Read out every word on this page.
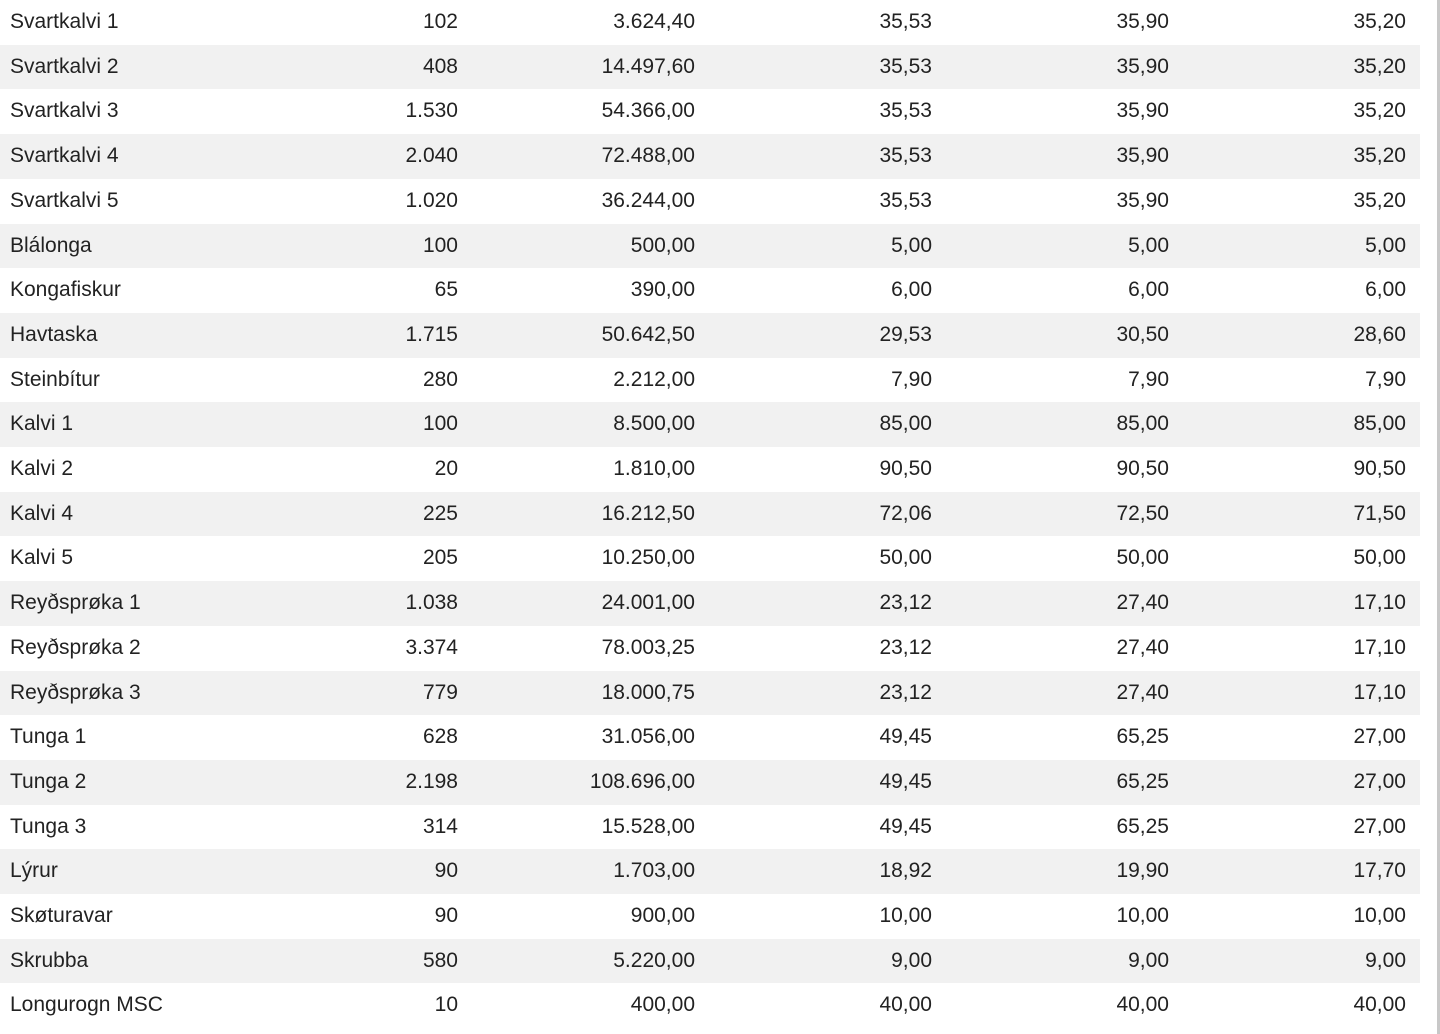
Svartkalvi 1	102	3.624,40	35,53	35,90	35,20
Svartkalvi 2	408	14.497,60	35,53	35,90	35,20
Svartkalvi 3	1.530	54.366,00	35,53	35,90	35,20
Svartkalvi 4	2.040	72.488,00	35,53	35,90	35,20
Svartkalvi 5	1.020	36.244,00	35,53	35,90	35,20
Blálonga	100	500,00	5,00	5,00	5,00
Kongafiskur	65	390,00	6,00	6,00	6,00
Havtaska	1.715	50.642,50	29,53	30,50	28,60
Steinbítur	280	2.212,00	7,90	7,90	7,90
Kalvi 1	100	8.500,00	85,00	85,00	85,00
Kalvi 2	20	1.810,00	90,50	90,50	90,50
Kalvi 4	225	16.212,50	72,06	72,50	71,50
Kalvi 5	205	10.250,00	50,00	50,00	50,00
Reyðsprøka 1	1.038	24.001,00	23,12	27,40	17,10
Reyðsprøka 2	3.374	78.003,25	23,12	27,40	17,10
Reyðsprøka 3	779	18.000,75	23,12	27,40	17,10
Tunga 1	628	31.056,00	49,45	65,25	27,00
Tunga 2	2.198	108.696,00	49,45	65,25	27,00
Tunga 3	314	15.528,00	49,45	65,25	27,00
Lýrur	90	1.703,00	18,92	19,90	17,70
Skøturavar	90	900,00	10,00	10,00	10,00
Skrubba	580	5.220,00	9,00	9,00	9,00
Longurogn MSC	10	400,00	40,00	40,00	40,00
